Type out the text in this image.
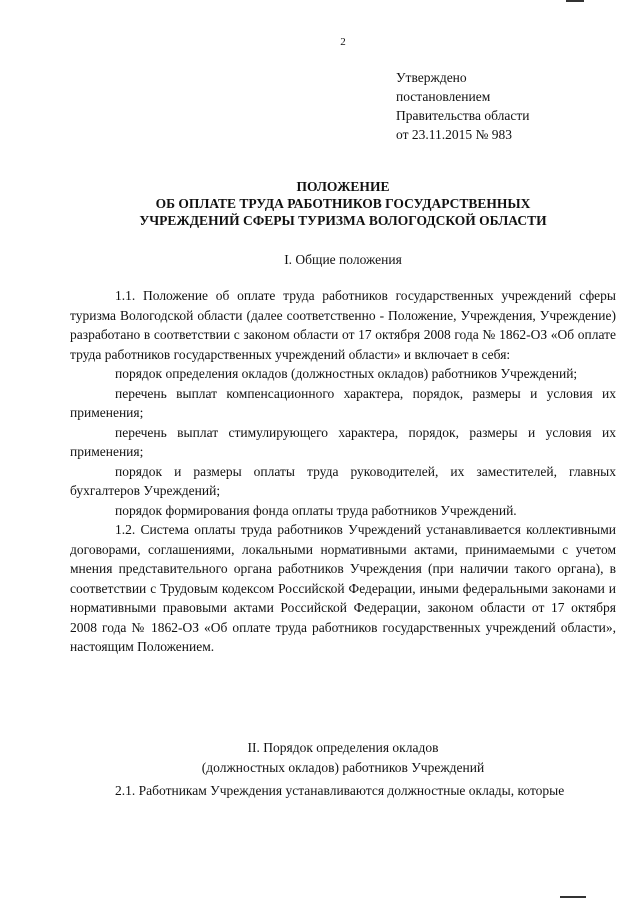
2
Утверждено
постановлением
Правительства области
от 23.11.2015 № 983
ПОЛОЖЕНИЕ
ОБ ОПЛАТЕ ТРУДА РАБОТНИКОВ ГОСУДАРСТВЕННЫХ
УЧРЕЖДЕНИЙ СФЕРЫ ТУРИЗМА ВОЛОГОДСКОЙ ОБЛАСТИ
I. Общие положения

1.1. Положение об оплате труда работников государственных учреждений сферы туризма Вологодской области (далее соответственно - Положение, Учреждения, Учреждение) разработано в соответствии с законом области от 17 октября 2008 года № 1862-ОЗ «Об оплате труда работников государственных учреждений области» и включает в себя:

порядок определения окладов (должностных окладов) работников Учреждений;

перечень выплат компенсационного характера, порядок, размеры и условия их применения;

перечень выплат стимулирующего характера, порядок, размеры и условия их применения;

порядок и размеры оплаты труда руководителей, их заместителей, главных бухгалтеров Учреждений;

порядок формирования фонда оплаты труда работников Учреждений.

1.2. Система оплаты труда работников Учреждений устанавливается коллективными договорами, соглашениями, локальными нормативными актами, принимаемыми с учетом мнения представительного органа работников Учреждения (при наличии такого органа), в соответствии с Трудовым кодексом Российской Федерации, иными федеральными законами и нормативными правовыми актами Российской Федерации, законом области от 17 октября 2008 года № 1862-ОЗ «Об оплате труда работников государственных учреждений области», настоящим Положением.

II. Порядок определения окладов
(должностных окладов) работников Учреждений

2.1. Работникам Учреждения устанавливаются должностные оклады, которые
